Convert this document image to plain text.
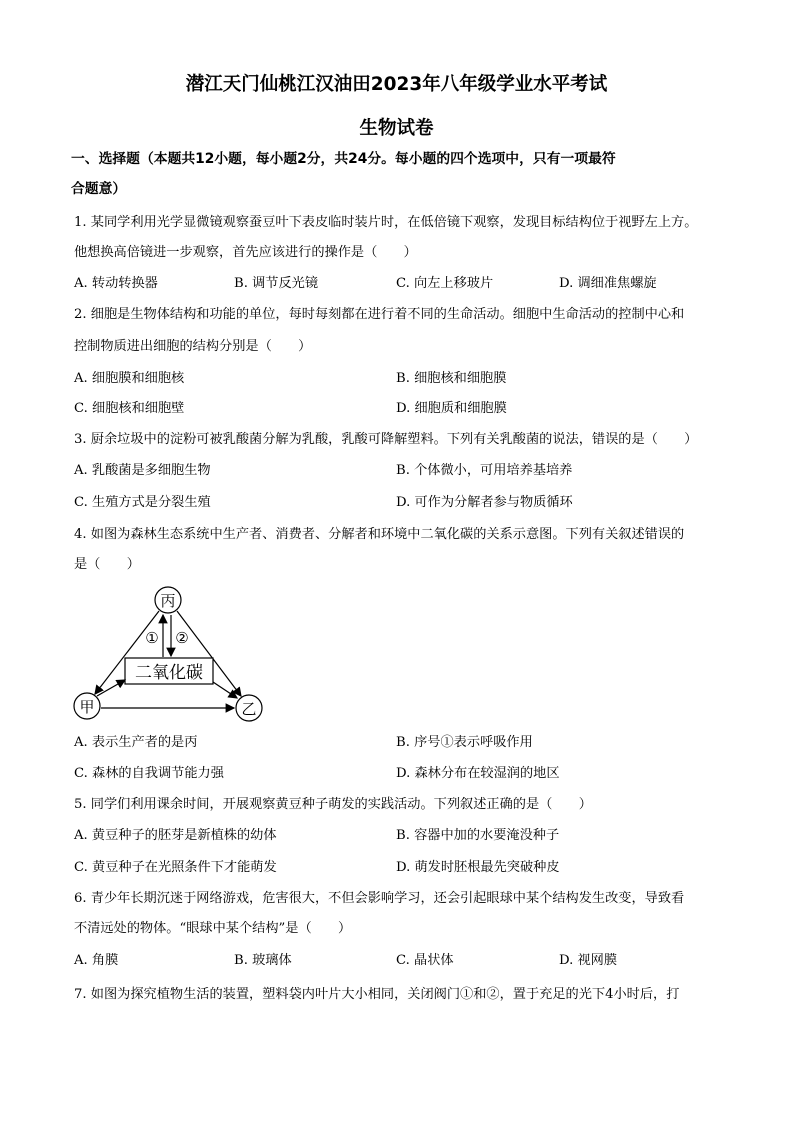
潜江天门仙桃江汉油田2023年八年级学业水平考试
生物试卷
一、选择题（本题共12小题，每小题2分，共24分。每小题的四个选项中，只有一项最符
合题意）
1. 某同学利用光学显微镜观察蚕豆叶下表皮临时装片时，在低倍镜下观察，发现目标结构位于视野左上方。
他想换高倍镜进一步观察，首先应该进行的操作是（　　）
A. 转动转换器	B. 调节反光镜	C. 向左上移玻片	D. 调细准焦螺旋
2. 细胞是生物体结构和功能的单位，每时每刻都在进行着不同的生命活动。细胞中生命活动的控制中心和
控制物质进出细胞的结构分别是（　　）
A. 细胞膜和细胞核	B. 细胞核和细胞膜
C. 细胞核和细胞壁	D. 细胞质和细胞膜
3. 厨余垃圾中的淀粉可被乳酸菌分解为乳酸，乳酸可降解塑料。下列有关乳酸菌的说法，错误的是（　　）
A. 乳酸菌是多细胞生物	B. 个体微小，可用培养基培养
C. 生殖方式是分裂生殖	D. 可作为分解者参与物质循环
4. 如图为森林生态系统中生产者、消费者、分解者和环境中二氧化碳的关系示意图。下列有关叙述错误的
是（　　）
丙
甲	乙
二氧化碳
① ②
A. 表示生产者的是丙	B. 序号①表示呼吸作用
C. 森林的自我调节能力强	D. 森林分布在较湿润的地区
5. 同学们利用课余时间，开展观察黄豆种子萌发的实践活动。下列叙述正确的是（　　）
A. 黄豆种子的胚芽是新植株的幼体	B. 容器中加的水要淹没种子
C. 黄豆种子在光照条件下才能萌发	D. 萌发时胚根最先突破种皮
6. 青少年长期沉迷于网络游戏，危害很大，不但会影响学习，还会引起眼球中某个结构发生改变，导致看
不清远处的物体。“眼球中某个结构”是（　　）
A. 角膜	B. 玻璃体	C. 晶状体	D. 视网膜
7. 如图为探究植物生活的装置，塑料袋内叶片大小相同，关闭阀门①和②，置于充足的光下4小时后，打
